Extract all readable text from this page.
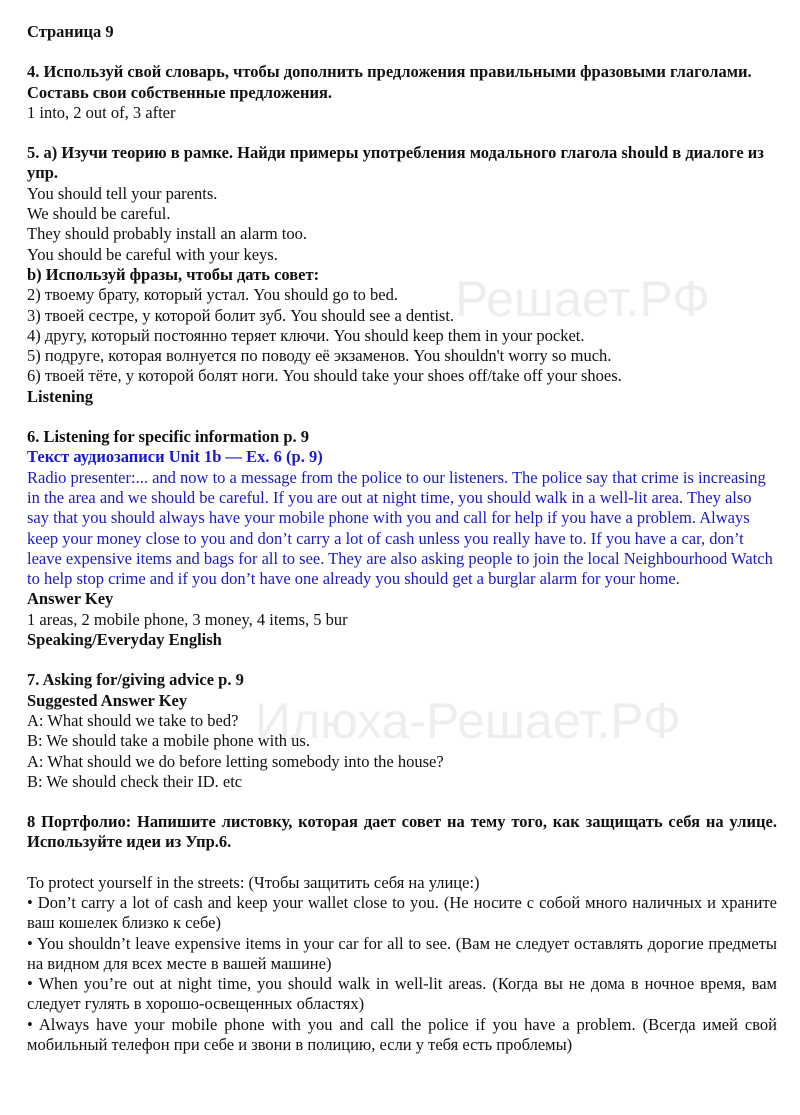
Решает.РФ
Илюха-Решает.РФ
Страница 9
4. Используй свой словарь, чтобы дополнить предложения правильными фразовыми глаголами. Составь свои собственные предложения.
1 into, 2 out of, 3 after
5. а) Изучи теорию в рамке. Найди примеры употребления модального глагола should в диалоге из упр.
You should tell your parents.
We should be careful.
They should probably install an alarm too.
You should be careful with your keys.
b) Используй фразы, чтобы дать совет:
2) твоему брату, который устал. You should go to bed.
3) твоей сестре, у которой болит зуб. You should see a dentist.
4) другу, который постоянно теряет ключи. You should keep them in your pocket.
5) подруге, которая волнуется по поводу её экзаменов. You shouldn't worry so much.
6) твоей тёте, у которой болят ноги. You should take your shoes off/take off your shoes.
Listening
6. Listening for specific information p. 9
Текст аудиозаписи Unit 1b — Ex. 6 (p. 9)
Radio presenter:... and now to a message from the police to our listeners. The police say that crime is increasing in the area and we should be careful. If you are out at night time, you should walk in a well-lit area. They also say that you should always have your mobile phone with you and call for help if you have a problem. Always keep your money close to you and don’t carry a lot of cash unless you really have to. If you have a car, don’t leave expensive items and bags for all to see. They are also asking people to join the local Neighbourhood Watch to help stop crime and if you don’t have one already you should get a burglar alarm for your home.
Answer Key
1 areas, 2 mobile phone, 3 money, 4 items, 5 bur
Speaking/Everyday English
7. Asking for/giving advice p. 9
Suggested Answer Key
A: What should we take to bed?
B: We should take a mobile phone with us.
A: What should we do before letting somebody into the house?
B: We should check their ID. etc
8 Портфолио: Напишите листовку, которая дает совет на тему того, как защищать себя на улице. Используйте идеи из Упр.6.
To protect yourself in the streets: (Чтобы защитить себя на улице:)
• Don’t carry a lot of cash and keep your wallet close to you. (Не носите с собой много наличных и храните ваш кошелек близко к себе)
• You shouldn’t leave expensive items in your car for all to see. (Вам не следует оставлять дорогие предметы на видном для всех месте в вашей машине)
• When you’re out at night time, you should walk in well-lit areas. (Когда вы не дома в ночное время, вам следует гулять в хорошо-освещенных областях)
• Always have your mobile phone with you and call the police if you have a problem. (Всегда имей свой мобильный телефон при себе и звони в полицию, если у тебя есть проблемы)
